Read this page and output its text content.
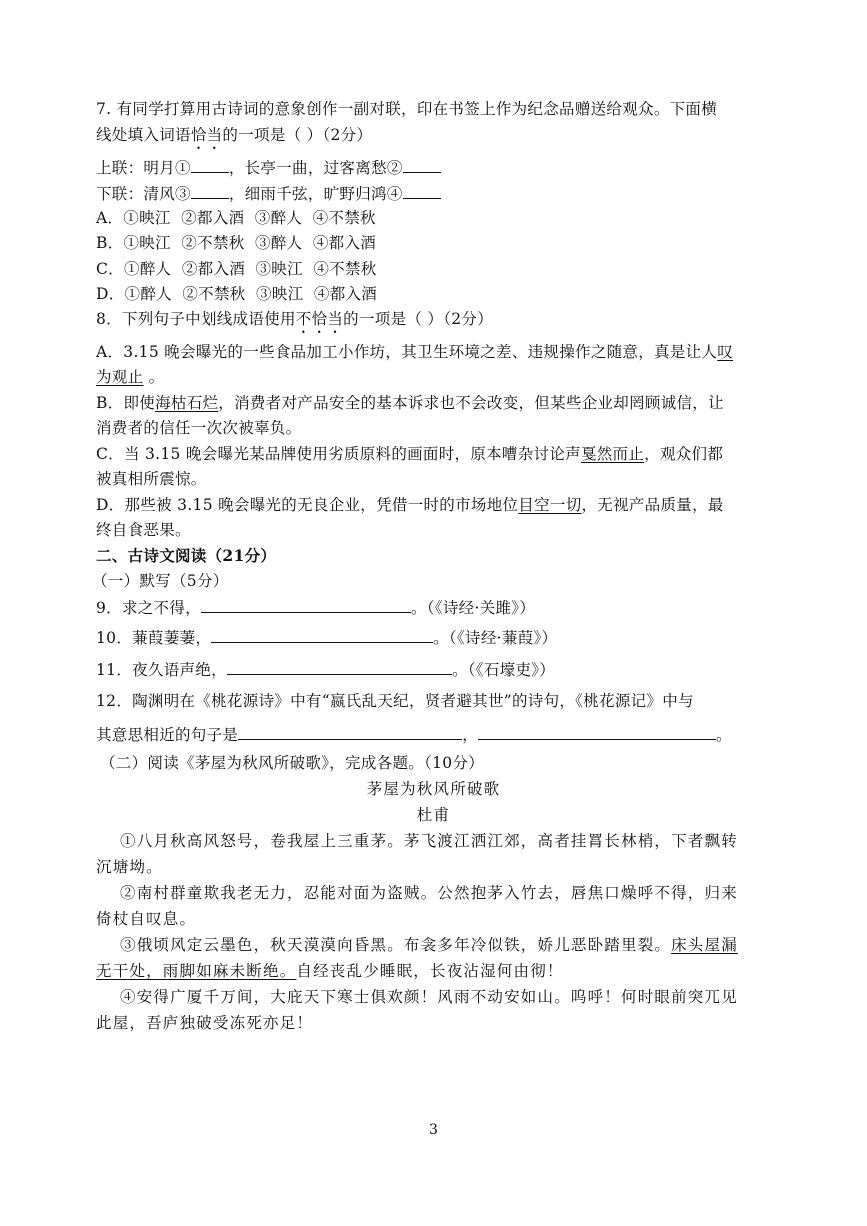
7. 有同学打算用古诗词的意象创作一副对联，印在书签上作为纪念品赠送给观众。下面横
线处填入词语恰当的一项是（ ）（2分）
上联：明月① ，长亭一曲，过客离愁②
下联：清风③ ，细雨千弦，旷野归鸿④
A．①映江  ②都入酒  ③醉人  ④不禁秋
B．①映江  ②不禁秋  ③醉人  ④都入酒
C．①醉人  ②都入酒  ③映江  ④不禁秋
D．①醉人  ②不禁秋  ③映江  ④都入酒
8．下列句子中划线成语使用不恰当的一项是（ ）（2分）
A．3.15 晚会曝光的一些食品加工小作坊，其卫生环境之差、违规操作之随意，真是让人叹
为观止 。
B．即使海枯石烂，消费者对产品安全的基本诉求也不会改变，但某些企业却罔顾诚信，让
消费者的信任一次次被辜负。
C．当 3.15 晚会曝光某品牌使用劣质原料的画面时，原本嘈杂讨论声戛然而止，观众们都
被真相所震惊。
D．那些被 3.15 晚会曝光的无良企业，凭借一时的市场地位目空一切，无视产品质量，最
终自食恶果。
二、古诗文阅读（21分）
（一）默写（5分）
9．求之不得，	。（《诗经·关雎》）
10．蒹葭萋萋，	。（《诗经·蒹葭》）
11．夜久语声绝，	。（《石壕吏》）
12．陶渊明在《桃花源诗》中有“嬴氏乱天纪，贤者避其世”的诗句，《桃花源记》中与
其意思相近的句子是	，	。
（二）阅读《茅屋为秋风所破歌》，完成各题。（10分）
茅屋为秋风所破歌
杜甫
①八月秋高风怒号，卷我屋上三重茅。茅飞渡江洒江郊，高者挂罥长林梢，下者飘转
沉塘坳。
②南村群童欺我老无力，忍能对面为盗贼。公然抱茅入竹去，唇焦口燥呼不得，归来
倚杖自叹息。
③俄顷风定云墨色，秋天漠漠向昏黑。布衾多年冷似铁，娇儿恶卧踏里裂。床头屋漏
无干处，雨脚如麻未断绝。自经丧乱少睡眠，长夜沾湿何由彻！
④安得广厦千万间，大庇天下寒士俱欢颜！风雨不动安如山。呜呼！何时眼前突兀见
此屋，吾庐独破受冻死亦足！
3
